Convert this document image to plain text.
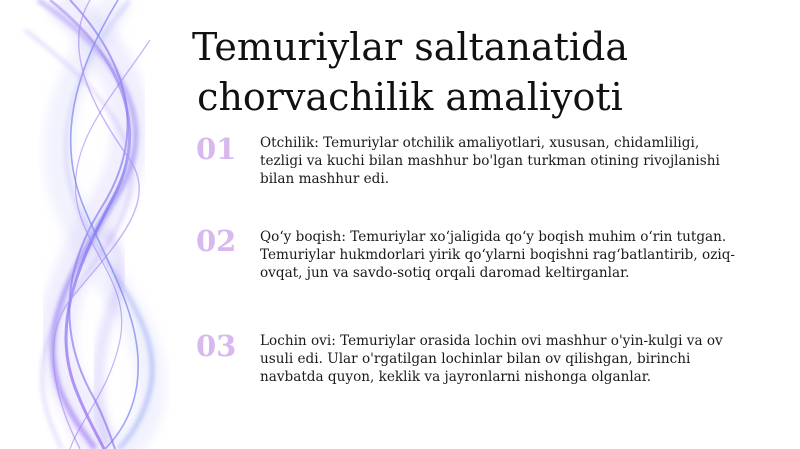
Temuriylar saltanatida
chorvachilik amaliyoti
01	Otchilik: Temuriylar otchilik amaliyotlari, xususan, chidamliligi, tezligi va kuchi bilan mashhur bo'lgan turkman otining rivojlanishi bilan mashhur edi.

02	Qo‘y boqish: Temuriylar xo‘jaligida qo‘y boqish muhim o‘rin tutgan. Temuriylar hukmdorlari yirik qo‘ylarni boqishni rag‘batlantirib, oziq-ovqat, jun va savdo-sotiq orqali daromad keltirganlar.

03	Lochin ovi: Temuriylar orasida lochin ovi mashhur o'yin-kulgi va ov usuli edi. Ular o'rgatilgan lochinlar bilan ov qilishgan, birinchi navbatda quyon, keklik va jayronlarni nishonga olganlar.
